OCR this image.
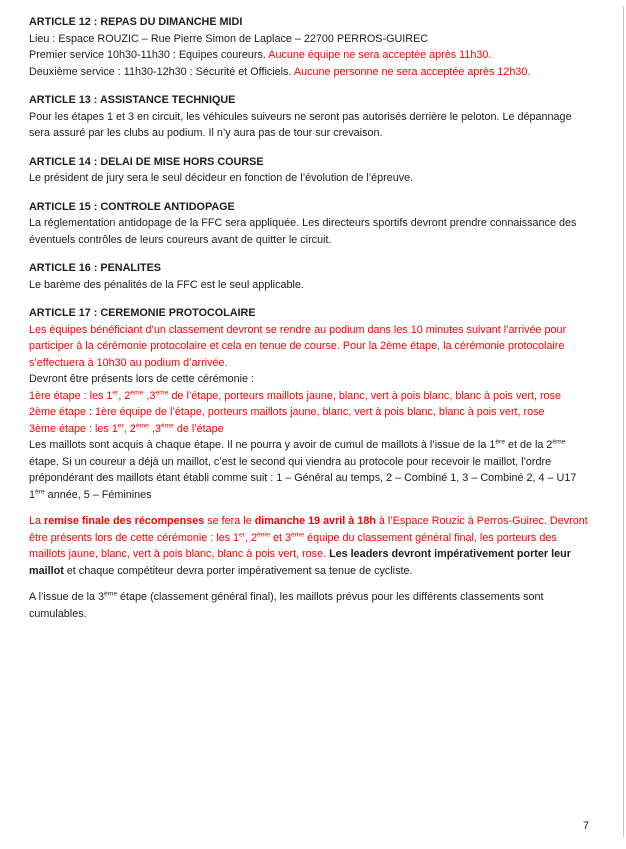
ARTICLE 12 : REPAS DU DIMANCHE MIDI

Lieu : Espace ROUZIC – Rue Pierre Simon de Laplace – 22700 PERROS-GUIREC

Premier service 10h30-11h30 : Equipes coureurs. Aucune équipe ne sera acceptée après 11h30.

Deuxième service : 11h30-12h30 : Sécurité et Officiels. Aucune personne ne sera acceptée après 12h30.

ARTICLE 13 : ASSISTANCE TECHNIQUE

Pour les étapes 1 et 3 en circuit, les véhicules suiveurs ne seront pas autorisés derrière le peloton. Le dépannage sera assuré par les clubs au podium. Il n’y aura pas de tour sur crevaison.

ARTICLE 14 : DELAI DE MISE HORS COURSE

Le président de jury sera le seul décideur en fonction de l’évolution de l’épreuve.

ARTICLE 15 : CONTROLE ANTIDOPAGE

La réglementation antidopage de la FFC sera appliquée. Les directeurs sportifs devront prendre connaissance des éventuels contrôles de leurs coureurs avant de quitter le circuit.

ARTICLE 16 : PENALITES

Le barème des pénalités de la FFC est le seul applicable.

ARTICLE 17 : CEREMONIE PROTOCOLAIRE

Les équipes bénéficiant d’un classement devront se rendre au podium dans les 10 minutes suivant l’arrivée pour participer à la cérémonie protocolaire et cela en tenue de course. Pour la 2ème étape, la cérémonie protocolaire s’effectuera à 10h30 au podium d’arrivée.

Devront être présents lors de cette cérémonie :

1ère étape : les 1er, 2ème ,3ème de l’étape, porteurs maillots jaune, blanc, vert à pois blanc, blanc à pois vert, rose

2ème étape : 1ère équipe de l’étape, porteurs maillots jaune, blanc, vert à pois blanc, blanc à pois vert, rose

3ème étape : les 1er, 2ème ,3ème de l’étape

Les maillots sont acquis à chaque étape. Il ne pourra y avoir de cumul de maillots à l’issue de la 1ère et de la 2ème étape. Si un coureur a déjà un maillot, c’est le second qui viendra au protocole pour recevoir le maillot, l’ordre prépondérant des maillots étant établi comme suit : 1 – Général au temps, 2 – Combiné 1, 3 – Combiné 2, 4 – U17 1ère année, 5 – Féminines

La remise finale des récompenses se fera le dimanche 19 avril à 18h à l’Espace Rouzic à Perros-Guirec. Devront être présents lors de cette cérémonie : les 1er, 2ème et 3ème équipe du classement général final, les porteurs des maillots jaune, blanc, vert à pois blanc, blanc à pois vert, rose. Les leaders devront impérativement porter leur maillot et chaque compétiteur devra porter impérativement sa tenue de cycliste.

A l’issue de la 3ème étape (classement général final), les maillots prévus pour les différents classements sont cumulables.

7
